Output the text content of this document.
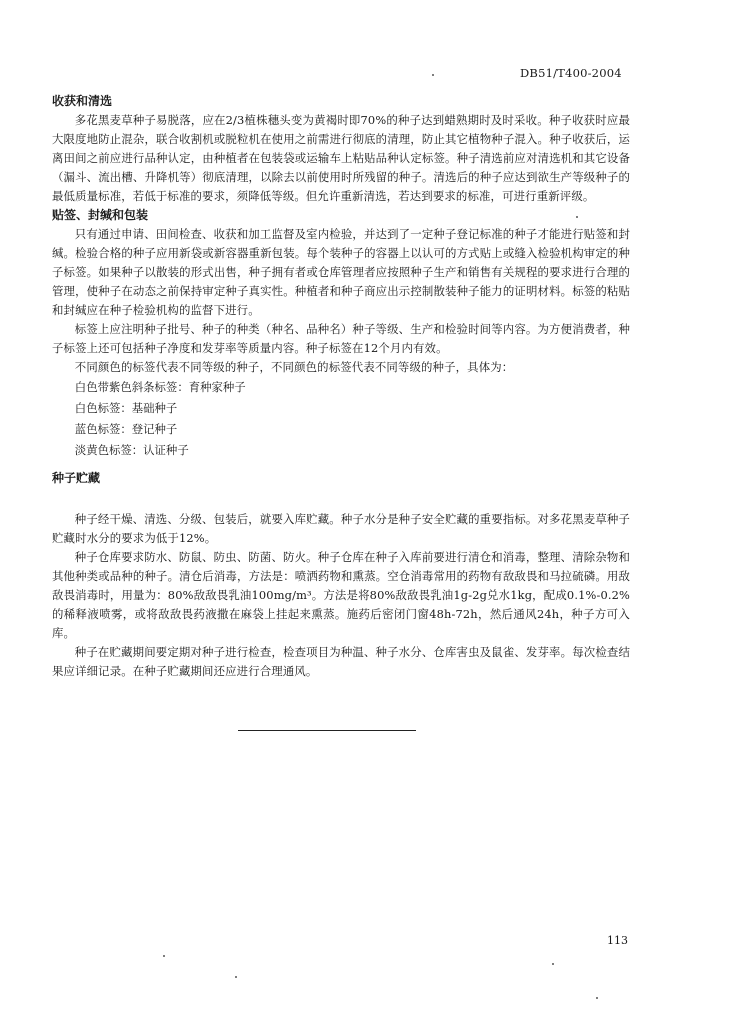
DB51/T400-2004

收获和清选

多花黑麦草种子易脱落，应在2/3植株穗头变为黄褐时即70%的种子达到蜡熟期时及时采收。种子收获时应最大限度地防止混杂，联合收割机或脱粒机在使用之前需进行彻底的清理，防止其它植物种子混入。种子收获后，运离田间之前应进行品种认定，由种植者在包装袋或运输车上粘贴品种认定标签。种子清选前应对清选机和其它设备（漏斗、流出槽、升降机等）彻底清理，以除去以前使用时所残留的种子。清选后的种子应达到欲生产等级种子的最低质量标准，若低于标准的要求，须降低等级。但允许重新清选，若达到要求的标准，可进行重新评级。

贴签、封缄和包装

只有通过申请、田间检查、收获和加工监督及室内检验，并达到了一定种子登记标准的种子才能进行贴签和封缄。检验合格的种子应用新袋或新容器重新包装。每个装种子的容器上以认可的方式贴上或缝入检验机构审定的种子标签。如果种子以散装的形式出售，种子拥有者或仓库管理者应按照种子生产和销售有关规程的要求进行合理的管理，使种子在动态之前保持审定种子真实性。种植者和种子商应出示控制散装种子能力的证明材料。标签的粘贴和封缄应在种子检验机构的监督下进行。

标签上应注明种子批号、种子的种类（种名、品种名）种子等级、生产和检验时间等内容。为方便消费者，种子标签上还可包括种子净度和发芽率等质量内容。种子标签在12个月内有效。

不同颜色的标签代表不同等级的种子，不同颜色的标签代表不同等级的种子，具体为：

白色带紫色斜条标签：育种家种子

白色标签：基础种子

蓝色标签：登记种子

淡黄色标签：认证种子

种子贮藏

种子经干燥、清选、分级、包装后，就要入库贮藏。种子水分是种子安全贮藏的重要指标。对多花黑麦草种子贮藏时水分的要求为低于12%。

种子仓库要求防水、防鼠、防虫、防菌、防火。种子仓库在种子入库前要进行清仓和消毒，整理、清除杂物和其他种类或品种的种子。清仓后消毒，方法是：喷洒药物和熏蒸。空仓消毒常用的药物有敌敌畏和马拉硫磷。用敌敌畏消毒时，用量为：80%敌敌畏乳油100mg/m³。方法是将80%敌敌畏乳油1g-2g兑水1kg，配成0.1%-0.2%的稀释液喷雾，或将敌敌畏药液撒在麻袋上挂起来熏蒸。施药后密闭门窗48h-72h，然后通风24h，种子方可入库。

种子在贮藏期间要定期对种子进行检查，检查项目为种温、种子水分、仓库害虫及鼠雀、发芽率。每次检查结果应详细记录。在种子贮藏期间还应进行合理通风。

113
